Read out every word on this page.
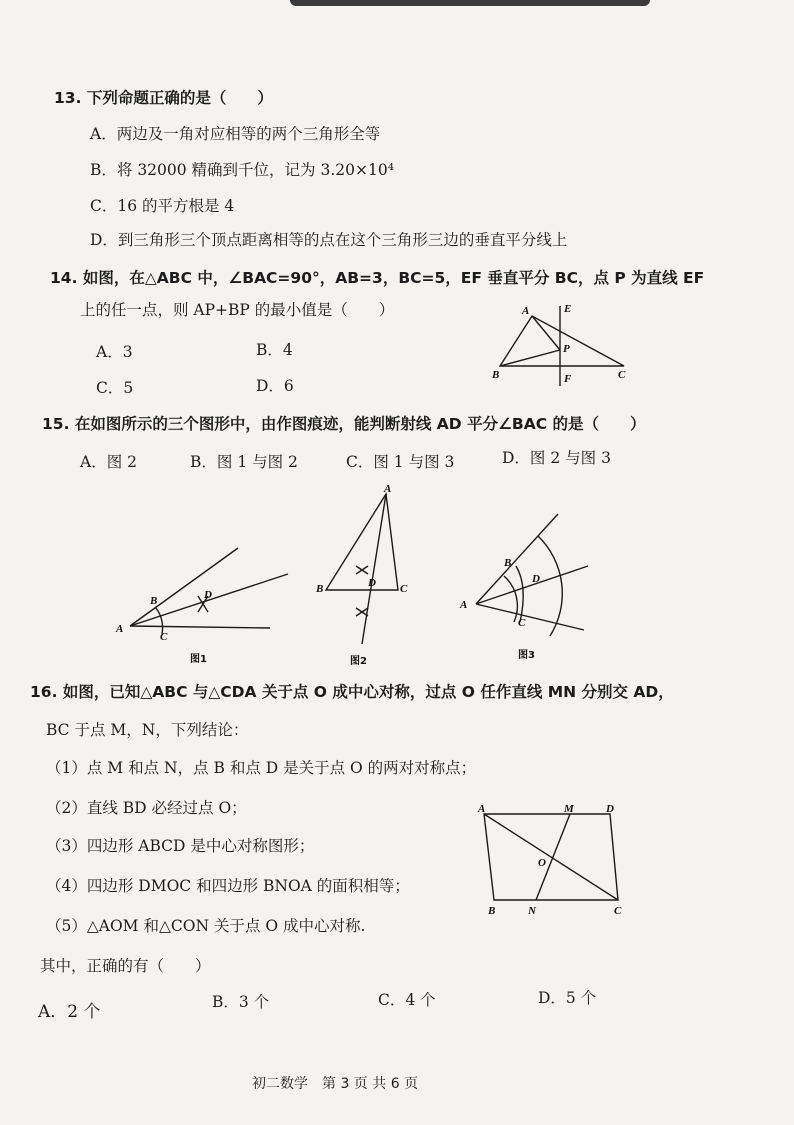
13. 下列命题正确的是（　　）
A．两边及一角对应相等的两个三角形全等
B．将 32000 精确到千位，记为 3.20×10⁴
C．16 的平方根是 4
D．到三角形三个顶点距离相等的点在这个三角形三边的垂直平分线上
14. 如图，在△ABC 中，∠BAC=90°，AB=3，BC=5，EF 垂直平分 BC，点 P 为直线 EF
上的任一点，则 AP+BP 的最小值是（　　）
A．3	B．4
C．5	D．6
A
B	C
E
F
P
15. 在如图所示的三个图形中，由作图痕迹，能判断射线 AD 平分∠BAC 的是（　　）
A．图 2	B．图 1 与图 2	C．图 1 与图 3	D．图 2 与图 3
A
B
C
D
图1
A
B	C
D
图2
A
B
C
D
图3
16. 如图，已知△ABC 与△CDA 关于点 O 成中心对称，过点 O 任作直线 MN 分别交 AD，
BC 于点 M，N，下列结论：
（1）点 M 和点 N，点 B 和点 D 是关于点 O 的两对对称点；
（2）直线 BD 必经过点 O；
（3）四边形 ABCD 是中心对称图形；
（4）四边形 DMOC 和四边形 BNOA 的面积相等；
（5）△AOM 和△CON 关于点 O 成中心对称.
其中，正确的有（　　）
A．2 个	B．3 个	C．4 个	D．5 个
A	M	D
O
B	N	C
初二数学　第 3 页 共 6 页
